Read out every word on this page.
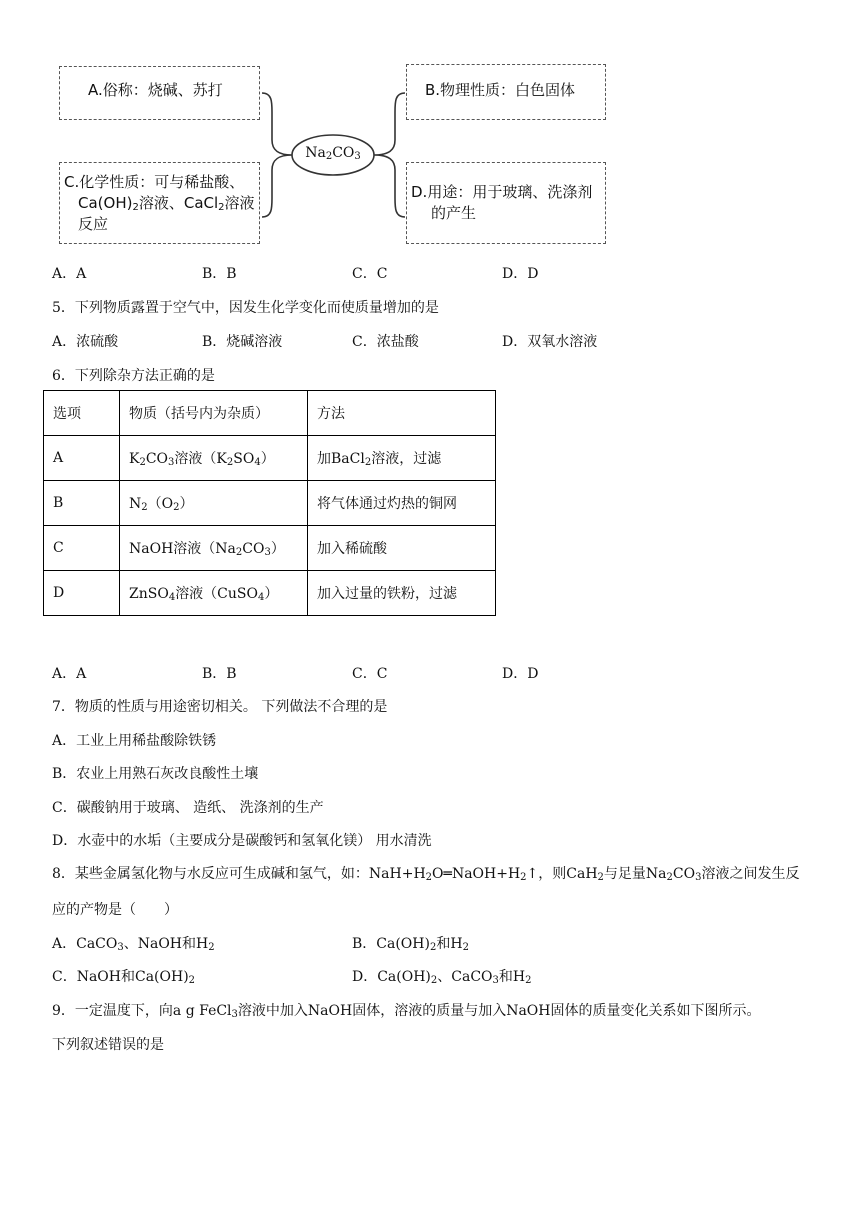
A.俗称：烧碱、苏打	B.物理性质：白色固体
C.化学性质：可与稀盐酸、
$Ca(OH)_2$溶液、CaCl$_2$溶液
反应
D.用途：用于玻璃、洗涤剂
的产生
$Na_2CO_3$
A．A	B．B	C．C	D．D
5．下列物质露置于空气中，因发生化学变化而使质量增加的是
A．浓硫酸	B．烧碱溶液	C．浓盐酸	D．双氧水溶液
6．下列除杂方法正确的是
选项	物质（括号内为杂质）	方法
A	$K_2CO_3$溶液$(K_2SO_4)$	加BaCl$_2$溶液，过滤
B	$N_2(O_2)$	将气体通过灼热的铜网
C	NaOH溶液$(Na_2CO_3)$	加入稀硫酸
D	ZnSO$_4$溶液（CuSO$_4$）	加入过量的铁粉，过滤
A．A	B．B	C．C	D．D
7．物质的性质与用途密切相关。 下列做法不合理的是
A．工业上用稀盐酸除铁锈
B．农业上用熟石灰改良酸性土壤
C．碳酸钠用于玻璃、 造纸、 洗涤剂的生产
D．水壶中的水垢（主要成分是碳酸钙和氢氧化镁） 用水清洗
8．某些金属氢化物与水反应可生成碱和氢气，如：$NaH+H_2O═NaOH+H_2↑$，则CaH$_2$与足量$Na_2CO_3$溶液之间发生反
应的产物是（　　）
A．CaCO$_3$、NaOH和$H_2$	B．$Ca(OH)_2$和$H_2$
C．NaOH和$Ca(OH)_2$	D．$Ca(OH)_2$、CaCO$_3$和$H_2$
9．一定温度下，向a g FeCl$_3$溶液中加入NaOH固体，溶液的质量与加入NaOH固体的质量变化关系如下图所示。
下列叙述错误的是
